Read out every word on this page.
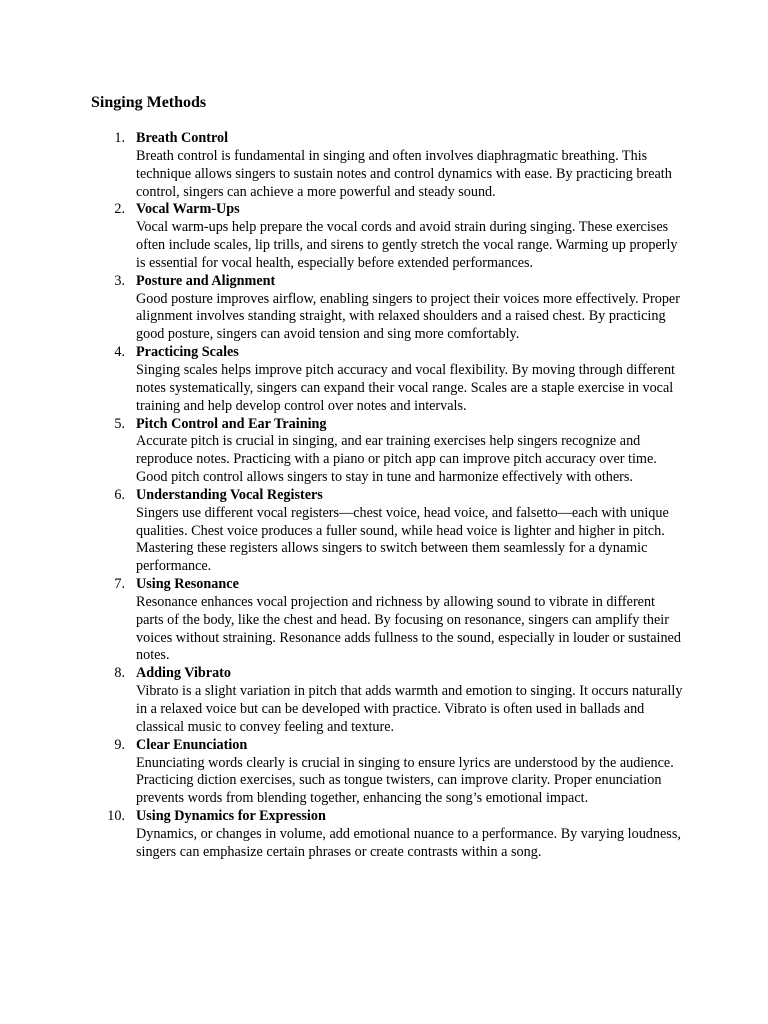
Singing Methods
1. Breath Control
Breath control is fundamental in singing and often involves diaphragmatic breathing. This technique allows singers to sustain notes and control dynamics with ease. By practicing breath control, singers can achieve a more powerful and steady sound.
2. Vocal Warm-Ups
Vocal warm-ups help prepare the vocal cords and avoid strain during singing. These exercises often include scales, lip trills, and sirens to gently stretch the vocal range. Warming up properly is essential for vocal health, especially before extended performances.
3. Posture and Alignment
Good posture improves airflow, enabling singers to project their voices more effectively. Proper alignment involves standing straight, with relaxed shoulders and a raised chest. By practicing good posture, singers can avoid tension and sing more comfortably.
4. Practicing Scales
Singing scales helps improve pitch accuracy and vocal flexibility. By moving through different notes systematically, singers can expand their vocal range. Scales are a staple exercise in vocal training and help develop control over notes and intervals.
5. Pitch Control and Ear Training
Accurate pitch is crucial in singing, and ear training exercises help singers recognize and reproduce notes. Practicing with a piano or pitch app can improve pitch accuracy over time. Good pitch control allows singers to stay in tune and harmonize effectively with others.
6. Understanding Vocal Registers
Singers use different vocal registers—chest voice, head voice, and falsetto—each with unique qualities. Chest voice produces a fuller sound, while head voice is lighter and higher in pitch. Mastering these registers allows singers to switch between them seamlessly for a dynamic performance.
7. Using Resonance
Resonance enhances vocal projection and richness by allowing sound to vibrate in different parts of the body, like the chest and head. By focusing on resonance, singers can amplify their voices without straining. Resonance adds fullness to the sound, especially in louder or sustained notes.
8. Adding Vibrato
Vibrato is a slight variation in pitch that adds warmth and emotion to singing. It occurs naturally in a relaxed voice but can be developed with practice. Vibrato is often used in ballads and classical music to convey feeling and texture.
9. Clear Enunciation
Enunciating words clearly is crucial in singing to ensure lyrics are understood by the audience. Practicing diction exercises, such as tongue twisters, can improve clarity. Proper enunciation prevents words from blending together, enhancing the song’s emotional impact.
10. Using Dynamics for Expression
Dynamics, or changes in volume, add emotional nuance to a performance. By varying loudness, singers can emphasize certain phrases or create contrasts within a song.
